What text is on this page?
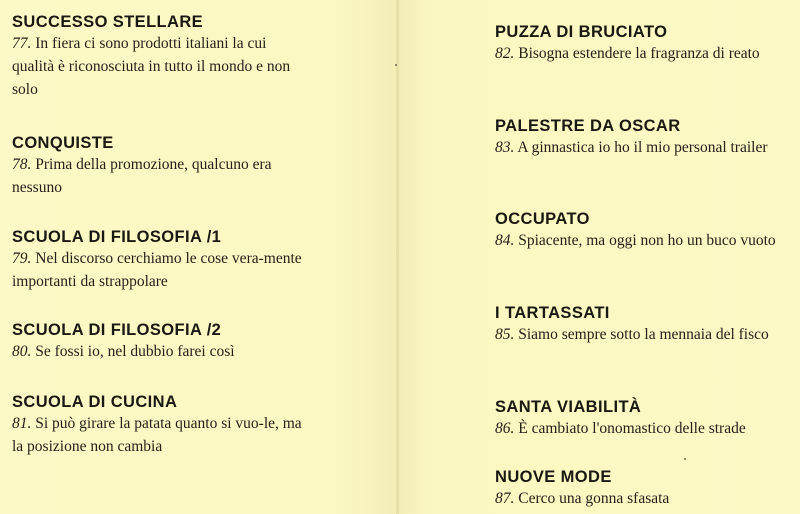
SUCCESSO STELLARE
77. In fiera ci sono prodotti italiani la cui qualità è riconosciuta in tutto il mondo e non solo
CONQUISTE
78. Prima della promozione, qualcuno era nessuno
SCUOLA DI FILOSOFIA /1
79. Nel discorso cerchiamo le cose vera-mente importanti da strappolare
SCUOLA DI FILOSOFIA /2
80. Se fossi io, nel dubbio farei così
SCUOLA DI CUCINA
81. Si può girare la patata quanto si vuo-le, ma la posizione non cambia
PUZZA DI BRUCIATO
82. Bisogna estendere la fragranza di reato
PALESTRE DA OSCAR
83. A ginnastica io ho il mio personal trailer
OCCUPATO
84. Spiacente, ma oggi non ho un buco vuoto
I TARTASSATI
85. Siamo sempre sotto la mennaia del fisco
SANTA VIABILITÀ
86. È cambiato l'onomastico delle strade
NUOVE MODE
87. Cerco una gonna sfasata
